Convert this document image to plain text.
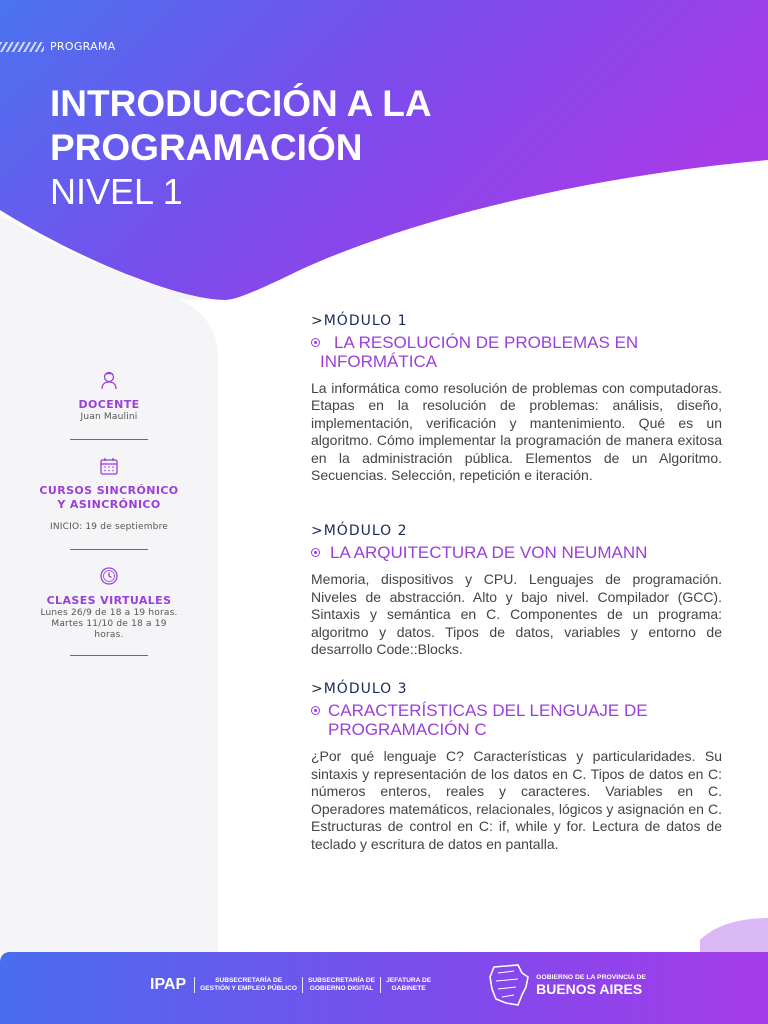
PROGRAMA
INTRODUCCIÓN A LA
PROGRAMACIÓN
NIVEL 1
DOCENTE
Juan Maulini
CURSOS SINCRÓNICO
Y ASINCRÓNICO
INICIO: 19 de septiembre
CLASES VIRTUALES
Lunes 26/9 de 18 a 19 horas.
Martes 11/10 de 18 a 19 horas.
>MÓDULO 1
LA RESOLUCIÓN DE PROBLEMAS EN
INFORMÁTICA
La informática como resolución de problemas con computadoras. Etapas en la resolución de problemas: análisis, diseño, implementación, verificación y mantenimiento. Qué es un algoritmo. Cómo implementar la programación de manera exitosa en la administración pública. Elementos de un Algoritmo. Secuencias. Selección, repetición e iteración.
>MÓDULO 2
LA ARQUITECTURA DE VON NEUMANN
Memoria, dispositivos y CPU. Lenguajes de programación. Niveles de abstracción. Alto y bajo nivel. Compilador (GCC). Sintaxis y semántica en C. Componentes de un programa: algoritmo y datos. Tipos de datos, variables y entorno de desarrollo Code::Blocks.
>MÓDULO 3
CARACTERÍSTICAS DEL LENGUAJE DE
PROGRAMACIÓN C
¿Por qué lenguaje C? Características y particularidades. Su sintaxis y representación de los datos en C. Tipos de datos en C: números enteros, reales y caracteres. Variables en C. Operadores matemáticos, relacionales, lógicos y asignación en C. Estructuras de control en C: if, while y for. Lectura de datos de teclado y escritura de datos en pantalla.
IPAP	SUBSECRETARÍA DE
GESTIÓN Y EMPLEO PÚBLICO
SUBSECRETARÍA DE
GOBIERNO DIGITAL
JEFATURA DE
GABINETE
GOBIERNO DE LA PROVINCIA DE
BUENOS AIRES
